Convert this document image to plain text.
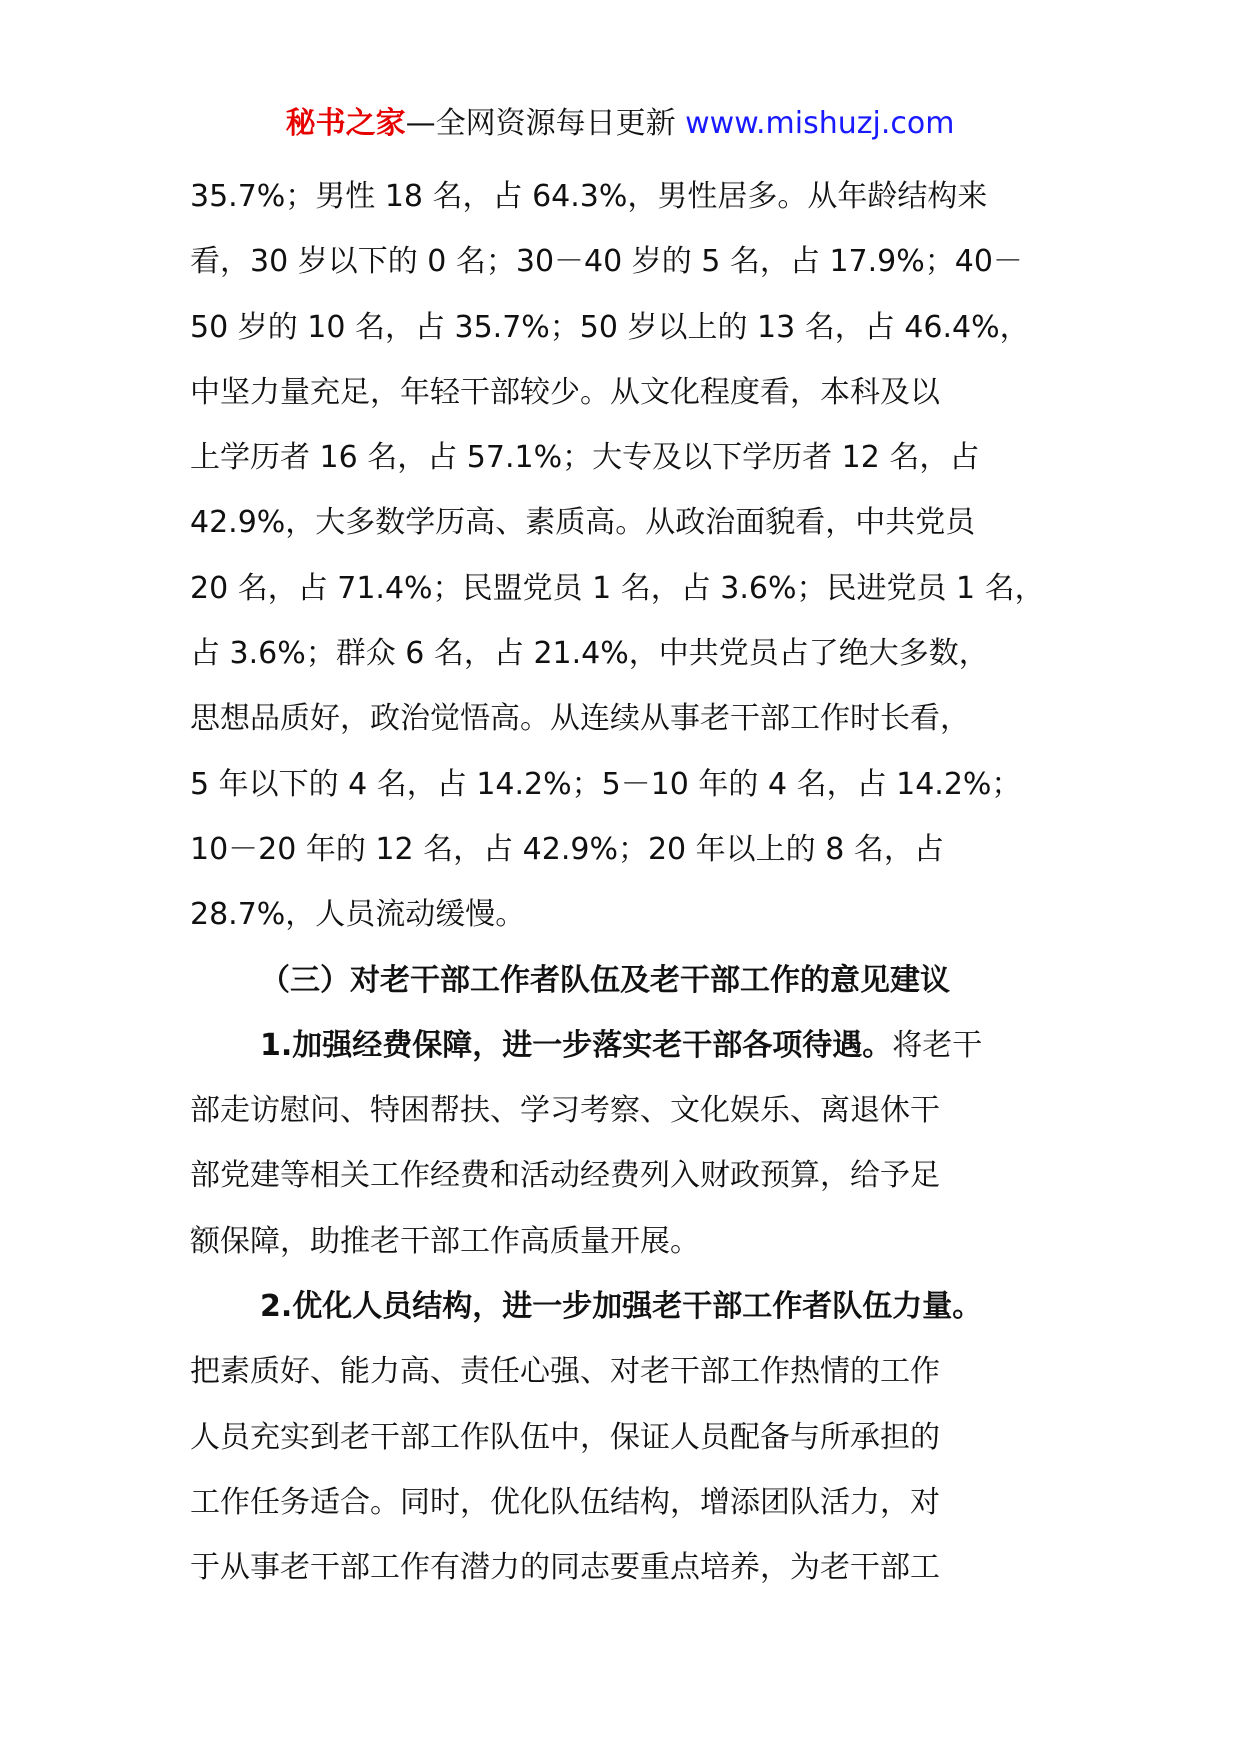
秘书之家—全网资源每日更新 www.mishuzj.com

35.7%；男性 18 名，占 64.3%，男性居多。从年龄结构来
看，30 岁以下的 0 名；30－40 岁的 5 名，占 17.9%；40－
50 岁的 10 名，占 35.7%；50 岁以上的 13 名，占 46.4%，
中坚力量充足，年轻干部较少。从文化程度看，本科及以
上学历者 16 名，占 57.1%；大专及以下学历者 12 名，占
42.9%，大多数学历高、素质高。从政治面貌看，中共党员
20 名，占 71.4%；民盟党员 1 名，占 3.6%；民进党员 1 名，
占 3.6%；群众 6 名，占 21.4%，中共党员占了绝大多数，
思想品质好，政治觉悟高。从连续从事老干部工作时长看，
5 年以下的 4 名，占 14.2%；5－10 年的 4 名，占 14.2%；
10－20 年的 12 名，占 42.9%；20 年以上的 8 名，占
28.7%，人员流动缓慢。

（三）对老干部工作者队伍及老干部工作的意见建议

1.加强经费保障，进一步落实老干部各项待遇。将老干
部走访慰问、特困帮扶、学习考察、文化娱乐、离退休干
部党建等相关工作经费和活动经费列入财政预算，给予足
额保障，助推老干部工作高质量开展。

2.优化人员结构，进一步加强老干部工作者队伍力量。
把素质好、能力高、责任心强、对老干部工作热情的工作
人员充实到老干部工作队伍中，保证人员配备与所承担的
工作任务适合。同时，优化队伍结构，增添团队活力，对
于从事老干部工作有潜力的同志要重点培养，为老干部工
